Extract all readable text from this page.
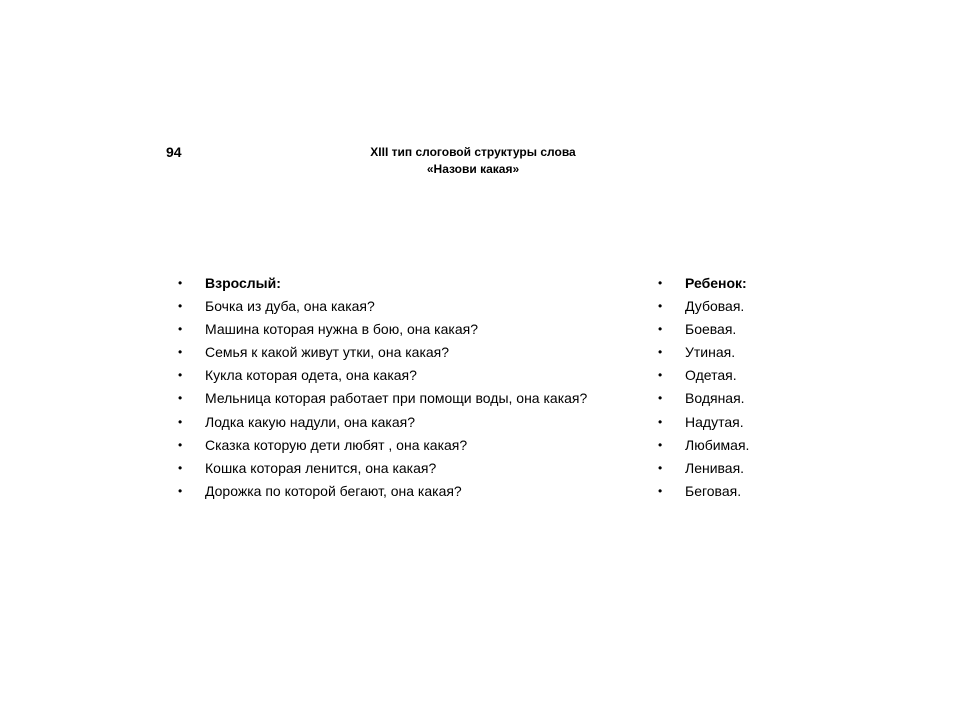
94	XIII тип слоговой структуры слова
«Назови какая»
•	Взрослый:
•	Бочка из дуба, она какая?
•	Машина которая нужна в бою, она какая?
•	Семья к какой живут утки, она какая?
•	Кукла которая одета, она какая?
•	Мельница которая работает при помощи воды, она какая?
•	Лодка какую надули, она какая?
•	Сказка которую дети любят , она какая?
•	Кошка которая ленится, она какая?
•	Дорожка по которой бегают, она какая?
•	Ребенок:
•	Дубовая.
•	Боевая.
•	Утиная.
•	Одетая.
•	Водяная.
•	Надутая.
•	Любимая.
•	Ленивая.
•	Беговая.
